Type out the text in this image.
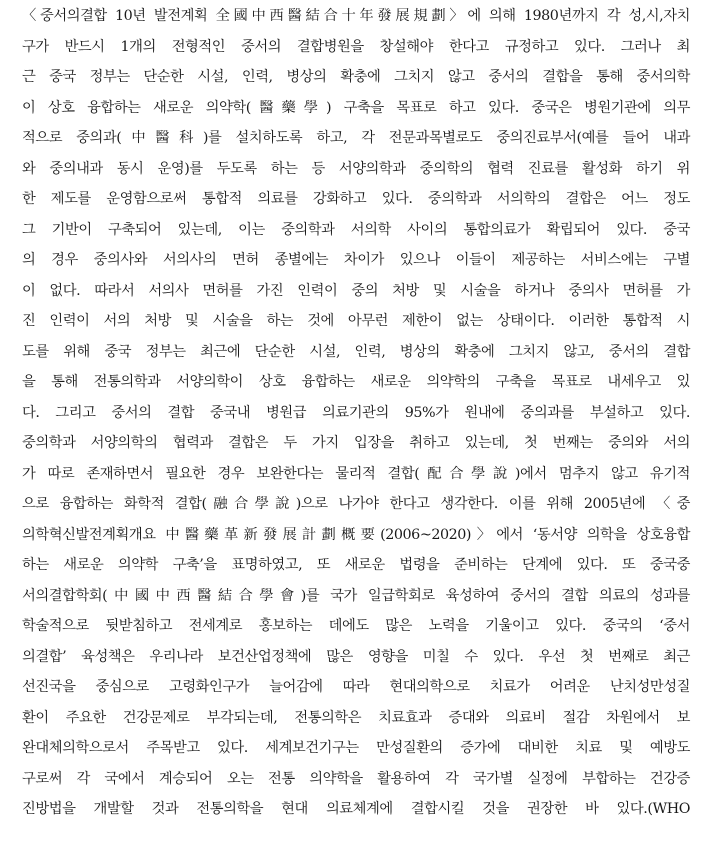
〈중서의결합 10년 발전계획 全國中西醫結合十年發展規劃〉에 의해 1980년까지 각 성,시,자치
구가 반드시 1개의 전형적인 중서의 결합병원을 창설해야 한다고 규정하고 있다. 그러나 최
근 중국 정부는 단순한 시설, 인력, 병상의 확충에 그치지 않고 중서의 결합을 통해 중서의학
이 상호 융합하는 새로운 의약학(醫藥學) 구축을 목표로 하고 있다. 중국은 병원기관에 의무
적으로 중의과(中醫科)를 설치하도록 하고, 각 전문과목별로도 중의진료부서(예를 들어 내과
와 중의내과 동시 운영)를 두도록 하는 등 서양의학과 중의학의 협력 진료를 활성화 하기 위
한 제도를 운영함으로써 통합적 의료를 강화하고 있다. 중의학과 서의학의 결합은 어느 정도
그 기반이 구축되어 있는데, 이는 중의학과 서의학 사이의 통합의료가 확립되어 있다. 중국
의 경우 중의사와 서의사의 면허 종별에는 차이가 있으나 이들이 제공하는 서비스에는 구별
이 없다. 따라서 서의사 면허를 가진 인력이 중의 처방 및 시술을 하거나 중의사 면허를 가
진 인력이 서의 처방 및 시술을 하는 것에 아무런 제한이 없는 상태이다. 이러한 통합적 시
도를 위해 중국 정부는 최근에 단순한 시설, 인력, 병상의 확충에 그치지 않고, 중서의 결합
을 통해 전통의학과 서양의학이 상호 융합하는 새로운 의약학의 구축을 목표로 내세우고 있
다. 그리고 중서의 결합 중국내 병원급 의료기관의 95%가 원내에 중의과를 부설하고 있다.
중의학과 서양의학의 협력과 결합은 두 가지 입장을 취하고 있는데, 첫 번째는 중의와 서의
가 따로 존재하면서 필요한 경우 보완한다는 물리적 결합(配合學說)에서 멈추지 않고 유기적
으로 융합하는 화학적 결합(融合學說)으로 나가야 한다고 생각한다. 이를 위해 2005년에 〈중
의학혁신발전계획개요 中醫藥革新發展計劃概要(2006~2020)〉에서 ‘동서양 의학을 상호융합
하는 새로운 의약학 구축’을 표명하였고, 또 새로운 법령을 준비하는 단계에 있다. 또 중국중
서의결합학회(中國中西醫結合學會)를 국가 일급학회로 육성하여 중서의 결합 의료의 성과를
학술적으로 뒷받침하고 전세계로 홍보하는 데에도 많은 노력을 기울이고 있다. 중국의 ‘중서
의결합’ 육성책은 우리나라 보건산업정책에 많은 영향을 미칠 수 있다. 우선 첫 번째로 최근
선진국을 중심으로 고령화인구가 늘어감에 따라 현대의학으로 치료가 어려운 난치성만성질
환이 주요한 건강문제로 부각되는데, 전통의학은 치료효과 증대와 의료비 절감 차원에서 보
완대체의학으로서 주목받고 있다. 세계보건기구는 만성질환의 증가에 대비한 치료 및 예방도
구로써 각 국에서 계승되어 오는 전통 의약학을 활용하여 각 국가별 실정에 부합하는 건강증
진방법을 개발할 것과 전통의학을 현대 의료체계에 결합시킬 것을 권장한 바 있다.(WHO
